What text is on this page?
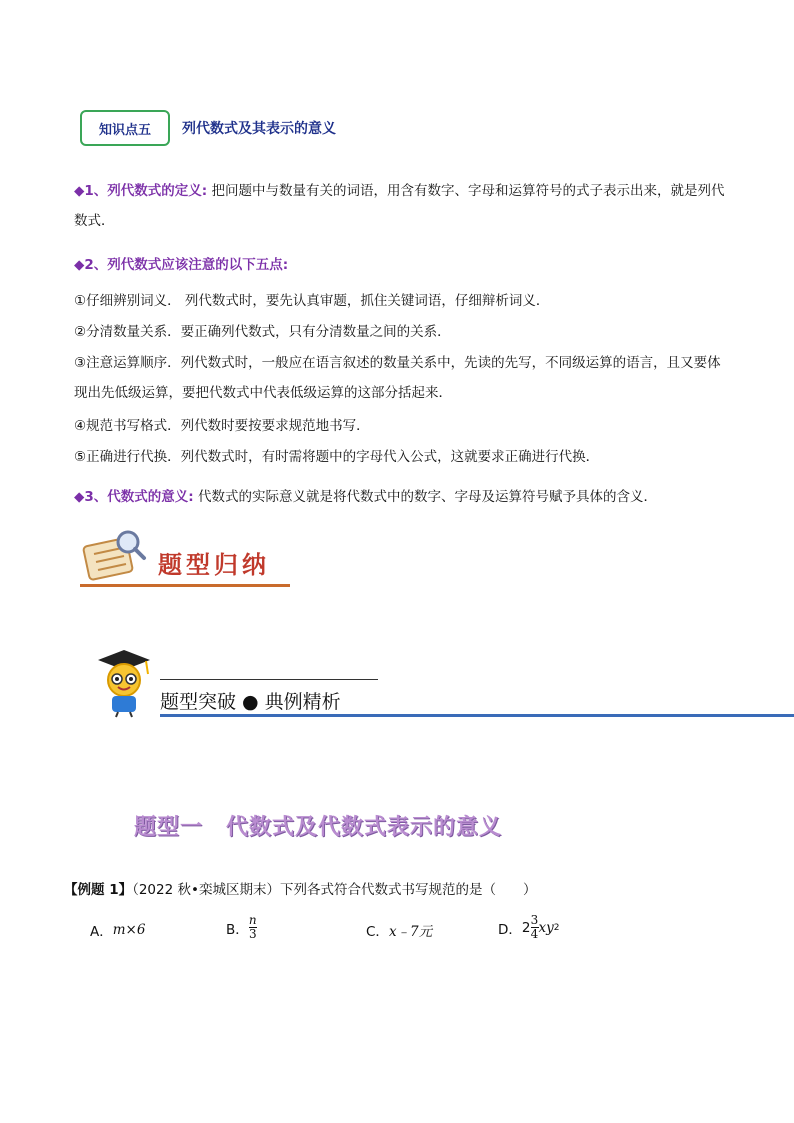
知识点五	列代数式及其表示的意义
◆1、列代数式的定义: 把问题中与数量有关的词语，用含有数字、字母和运算符号的式子表示出来，就是列代数式．
◆2、列代数式应该注意的以下五点:
①仔细辨别词义． 列代数式时，要先认真审题，抓住关键词语，仔细辩析词义．
②分清数量关系．要正确列代数式，只有分清数量之间的关系．
③注意运算顺序．列代数式时，一般应在语言叙述的数量关系中，先读的先写，不同级运算的语言，且又要体现出先低级运算，要把代数式中代表低级运算的这部分括起来．
④规范书写格式．列代数时要按要求规范地书写．
⑤正确进行代换．列代数式时，有时需将题中的字母代入公式，这就要求正确进行代换．
◆3、代数式的意义: 代数式的实际意义就是将代数式中的数字、字母及运算符号赋予具体的含义．
题型归纳
题型突破 ● 典例精析
题型一　代数式及代数式表示的意义
【例题 1】（2022 秋•栾城区期末）下列各式符合代数式书写规范的是（　　）
A． m×6	B． $\frac{n}{3}$	C． x﹣7元	D． $2 \frac{3}{4}$ xy 2
